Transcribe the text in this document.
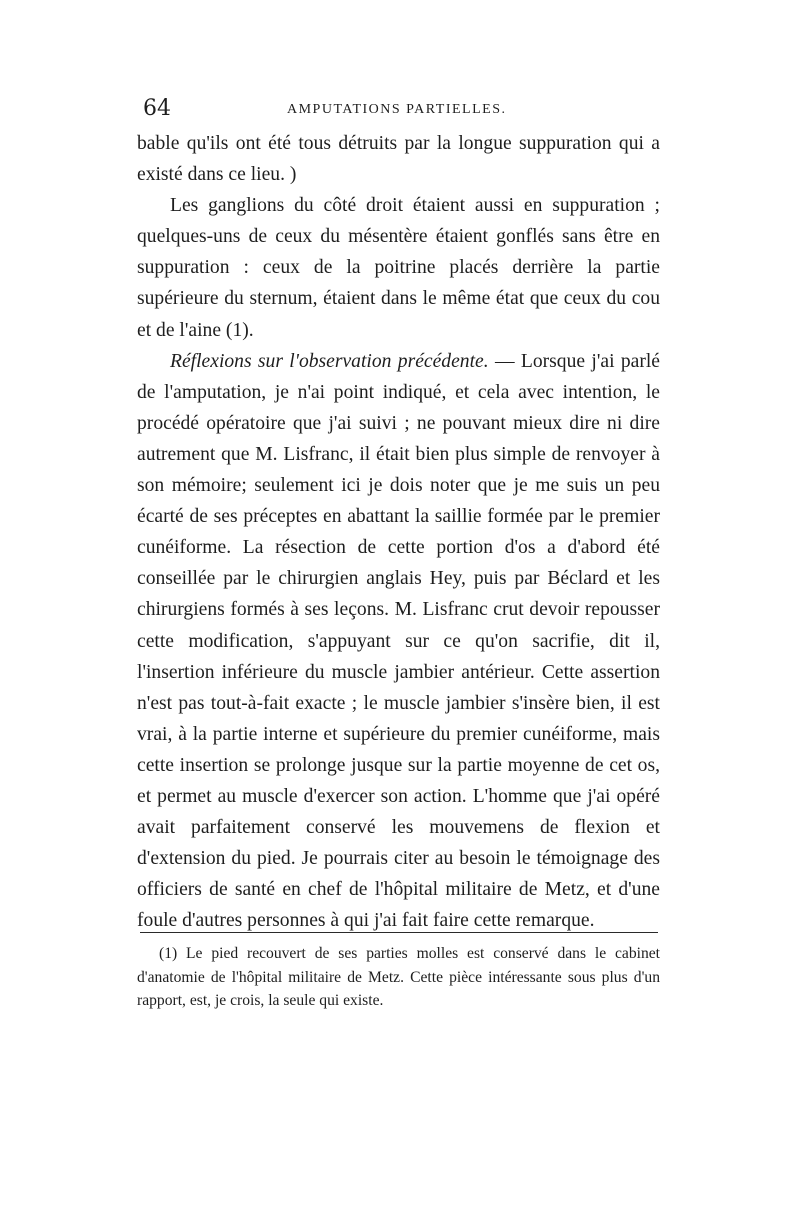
64	AMPUTATIONS PARTIELLES.

bable qu'ils ont été tous détruits par la longue suppuration qui a existé dans ce lieu. )

Les ganglions du côté droit étaient aussi en suppuration ; quelques-uns de ceux du mésentère étaient gonflés sans être en suppuration : ceux de la poitrine placés derrière la partie supérieure du sternum, étaient dans le même état que ceux du cou et de l'aine (1).

Réflexions sur l'observation précédente. — Lorsque j'ai parlé de l'amputation, je n'ai point indiqué, et cela avec intention, le procédé opératoire que j'ai suivi ; ne pouvant mieux dire ni dire autrement que M. Lisfranc, il était bien plus simple de renvoyer à son mémoire; seulement ici je dois noter que je me suis un peu écarté de ses préceptes en abattant la saillie formée par le premier cunéiforme. La résection de cette portion d'os a d'abord été conseillée par le chirurgien anglais Hey, puis par Béclard et les chirurgiens formés à ses leçons. M. Lisfranc crut devoir repousser cette modification, s'appuyant sur ce qu'on sacrifie, dit il, l'insertion inférieure du muscle jambier antérieur. Cette assertion n'est pas tout-à-fait exacte ; le muscle jambier s'insère bien, il est vrai, à la partie interne et supérieure du premier cunéiforme, mais cette insertion se prolonge jusque sur la partie moyenne de cet os, et permet au muscle d'exercer son action. L'homme que j'ai opéré avait parfaitement conservé les mouvemens de flexion et d'extension du pied. Je pourrais citer au besoin le témoignage des officiers de santé en chef de l'hôpital militaire de Metz, et d'une foule d'autres personnes à qui j'ai fait faire cette remarque.

(1) Le pied recouvert de ses parties molles est conservé dans le cabinet d'anatomie de l'hôpital militaire de Metz. Cette pièce intéressante sous plus d'un rapport, est, je crois, la seule qui existe.
